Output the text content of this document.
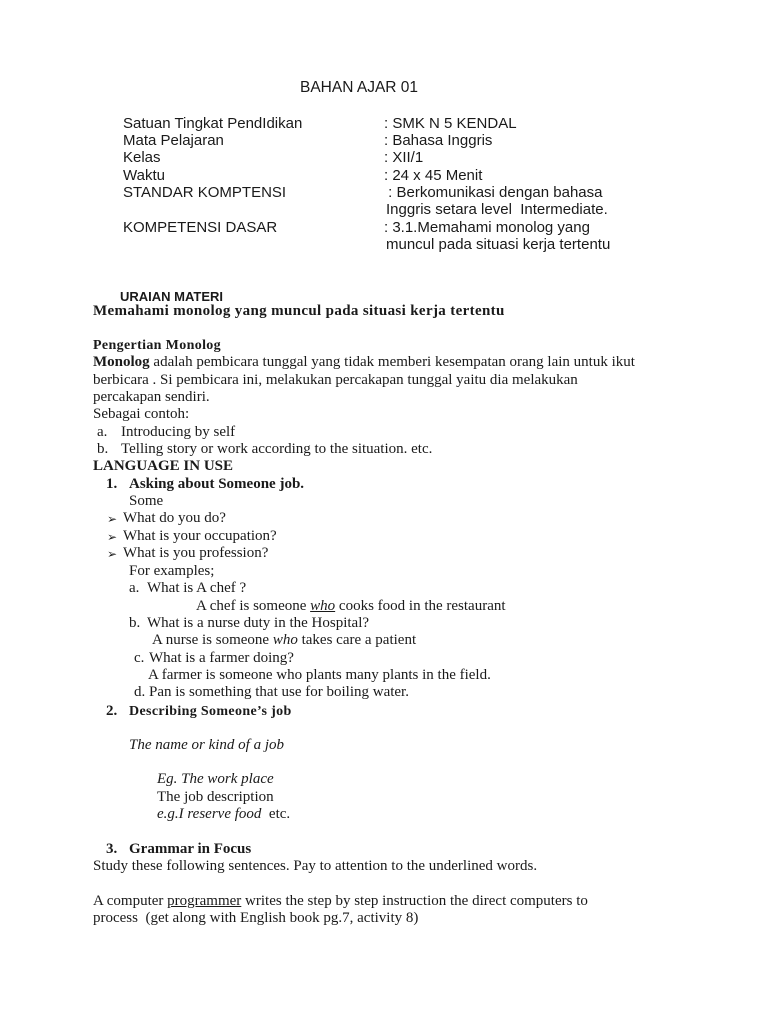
BAHAN AJAR 01
Satuan Tingkat PendIdikan	: SMK N 5 KENDAL
Mata Pelajaran	: Bahasa Inggris
Kelas	: XII/1
Waktu	: 24 x 45 Menit
STANDAR KOMPTENSI	: Berkomunikasi dengan bahasa
Inggris setara level  Intermediate.
KOMPETENSI DASAR	: 3.1.Memahami monolog yang
muncul pada situasi kerja tertentu
URAIAN MATERI
Memahami monolog yang muncul pada situasi kerja tertentu
Pengertian Monolog
Monolog adalah pembicara tunggal yang tidak memberi kesempatan orang lain untuk ikut
berbicara . Si pembicara ini, melakukan percakapan tunggal yaitu dia melakukan
percakapan sendiri.
Sebagai contoh:
a. Introducing by self
b. Telling story or work according to the situation. etc.
LANGUAGE IN USE
1. Asking about Someone job.
Some
➢ What do you do?
➢ What is your occupation?
➢ What is you profession?
For examples;
a. What is A chef ?
A chef is someone who cooks food in the restaurant
b. What is a nurse duty in the Hospital?
A nurse is someone who takes care a patient
c. What is a farmer doing?
A farmer is someone who plants many plants in the field.
d. Pan is something that use for boiling water.
2. Describing Someone’s job
The name or kind of a job
Eg. The work place
The job description
e.g.I reserve food  etc.
3. Grammar in Focus
Study these following sentences. Pay to attention to the underlined words.
A computer programmer writes the step by step instruction the direct computers to
process  (get along with English book pg.7, activity 8)
